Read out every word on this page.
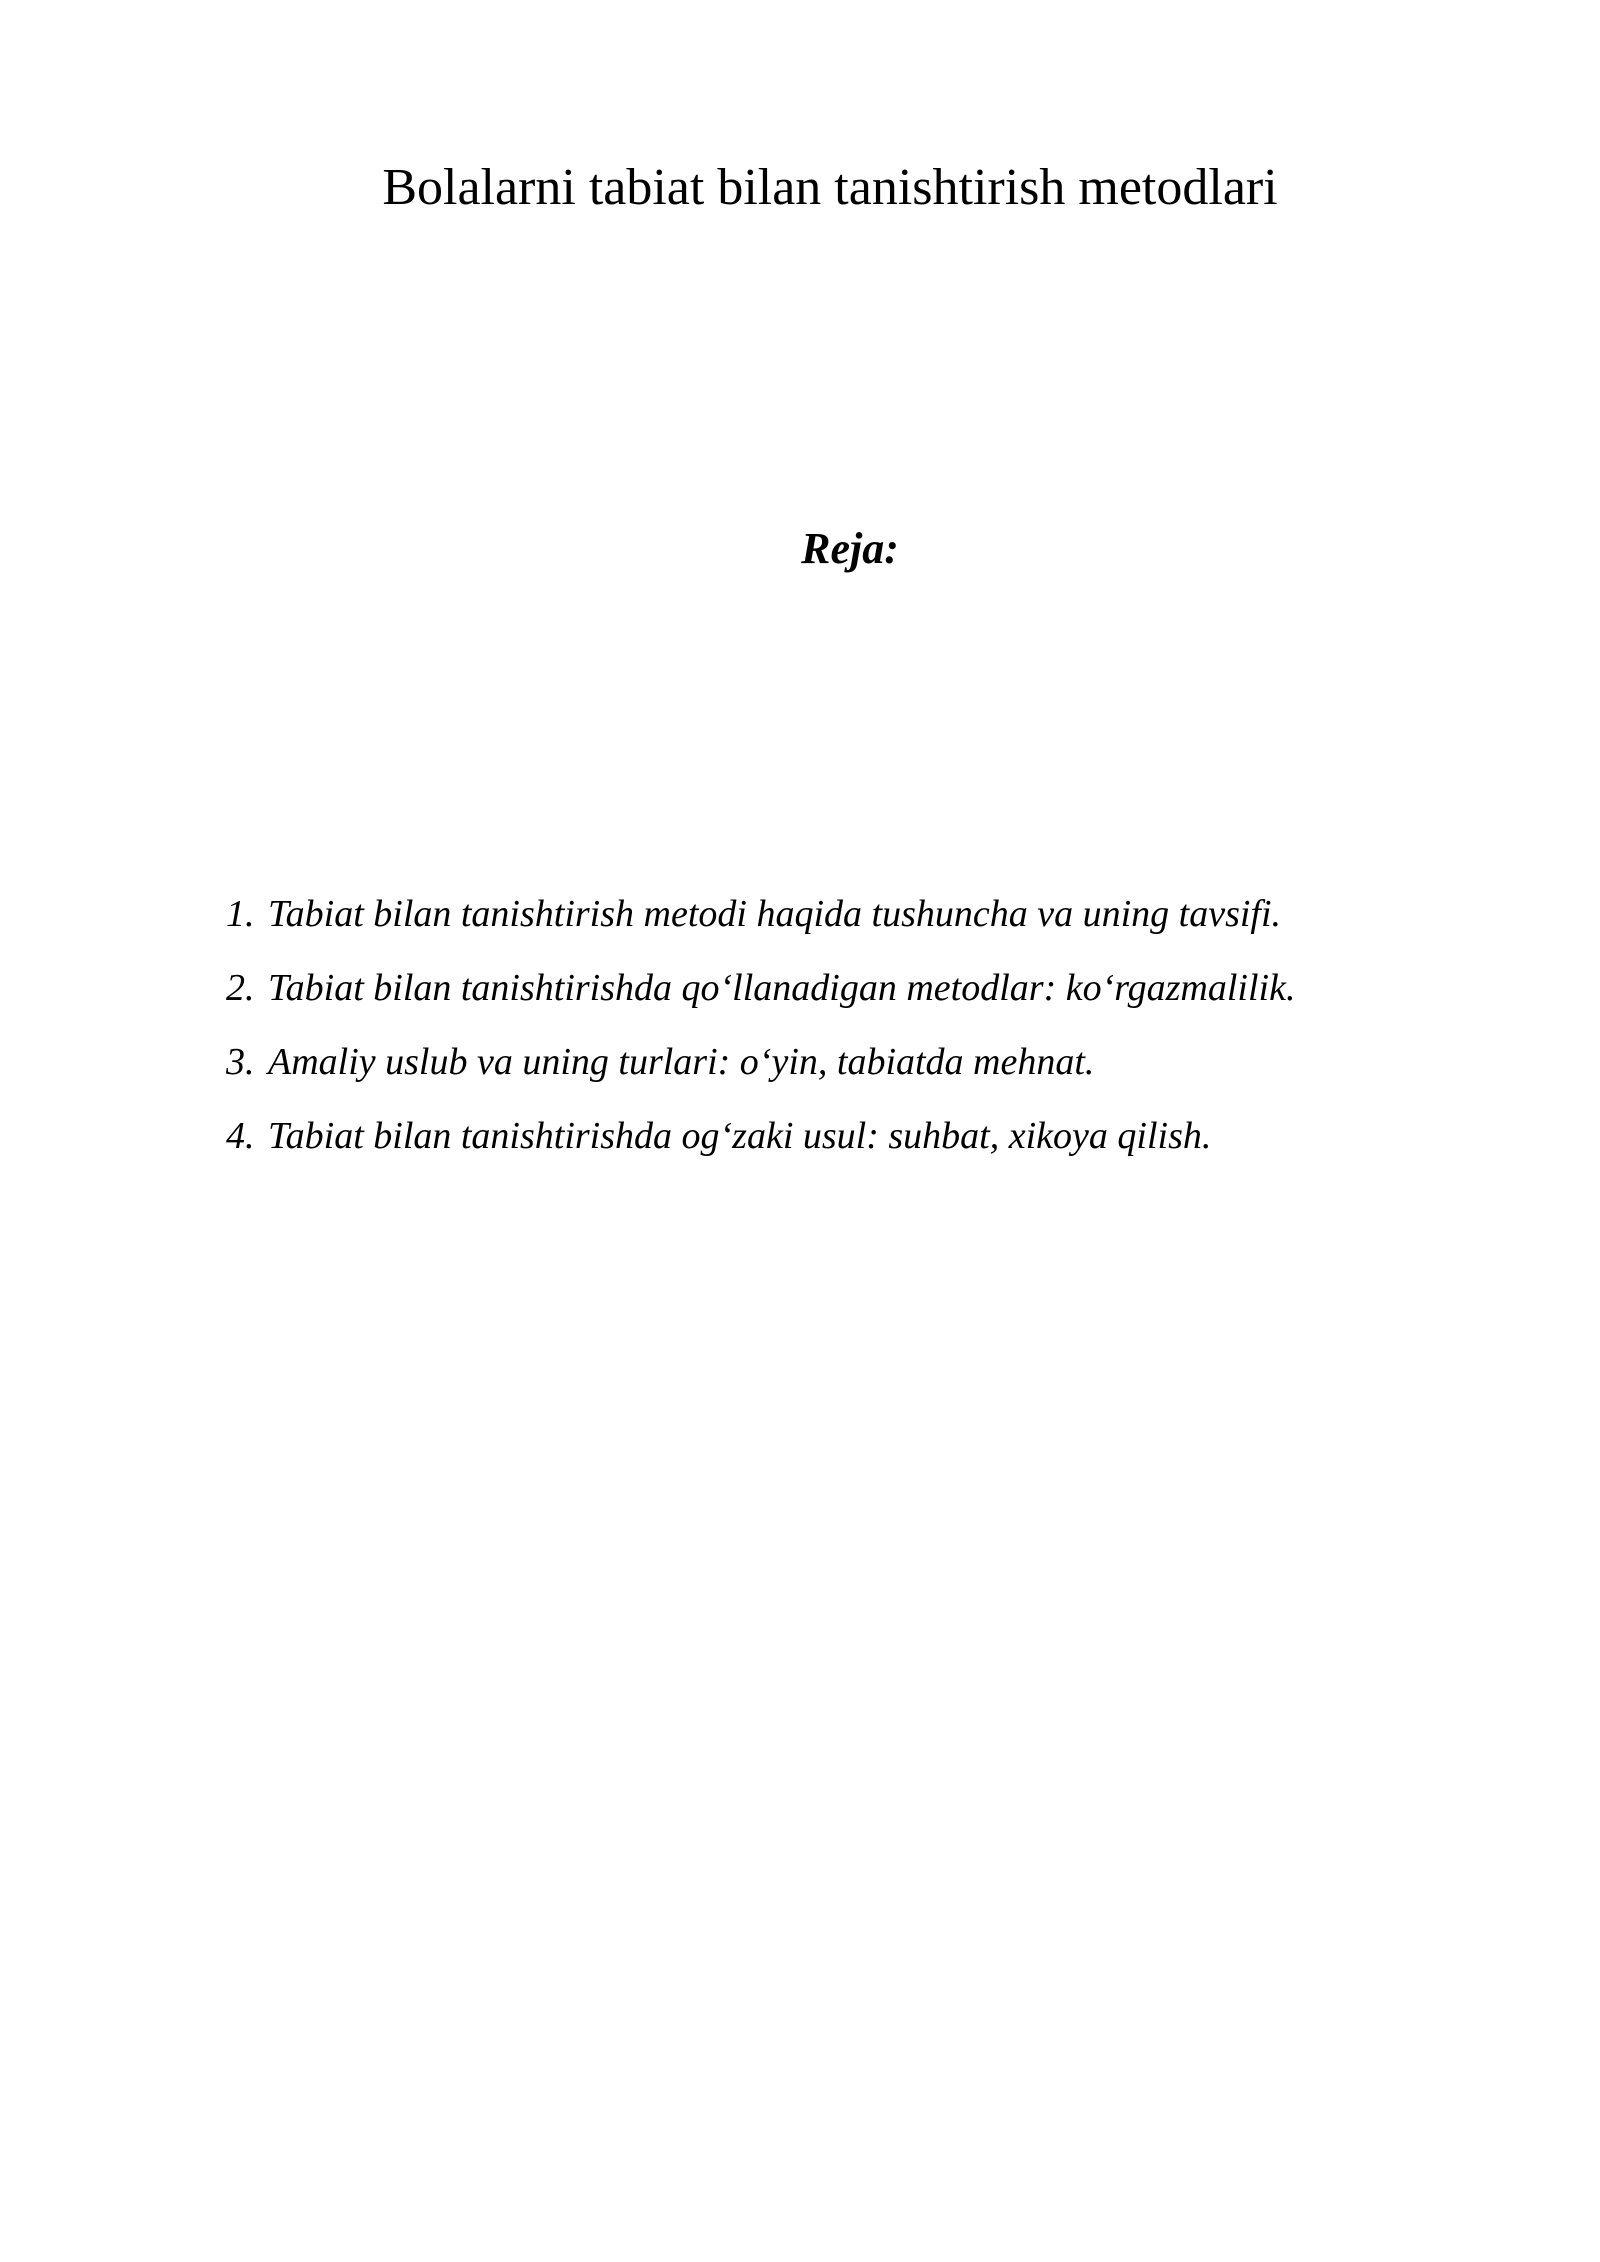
Bolalarni tabiat bilan tanishtirish metodlari
Reja:
1. Tabiat bilan tanishtirish metodi haqida tushuncha va uning tavsifi.
2. Tabiat bilan tanishtirishda qo‘llanadigan metodlar: ko‘rgazmalilik.
3. Amaliy uslub va uning turlari: o‘yin, tabiatda mehnat.
4. Tabiat bilan tanishtirishda og‘zaki usul: suhbat, xikoya qilish.
